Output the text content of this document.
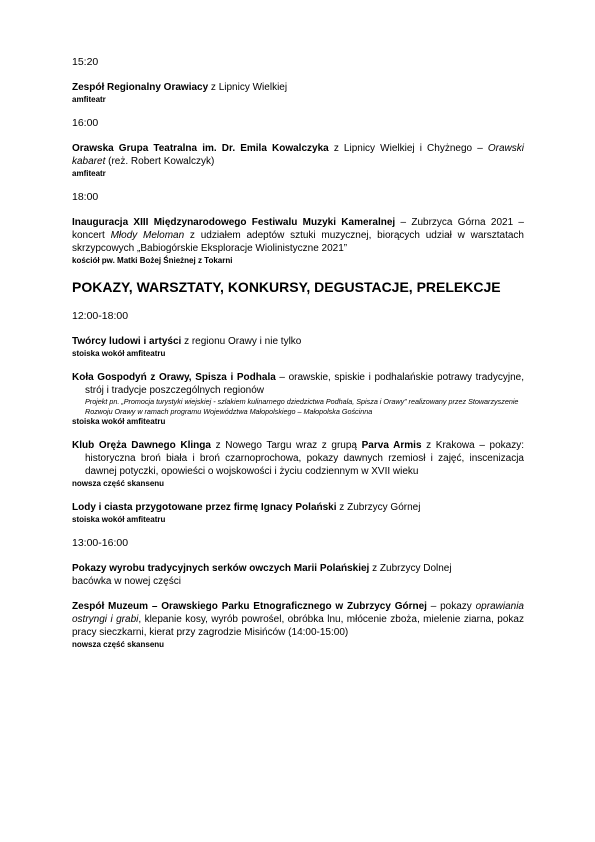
15:20
Zespół Regionalny Orawiacy z Lipnicy Wielkiej
amfiteatr
16:00
Orawska Grupa Teatralna im. Dr. Emila Kowalczyka z Lipnicy Wielkiej i Chyżnego – Orawski kabaret (reż. Robert Kowalczyk)
amfiteatr
18:00
Inauguracja XIII Międzynarodowego Festiwalu Muzyki Kameralnej – Zubrzyca Górna 2021 – koncert Młody Meloman z udziałem adeptów sztuki muzycznej, biorących udział w warsztatach skrzypcowych „Babiogórskie Eksploracje Wiolinistyczne 2021”
kościół pw. Matki Bożej Śnieżnej z Tokarni
POKAZY, WARSZTATY, KONKURSY, DEGUSTACJE, PRELEKCJE
12:00-18:00
Twórcy ludowi i artyści z regionu Orawy i nie tylko
stoiska wokół amfiteatru
Koła Gospodyń z Orawy, Spisza i Podhala – orawskie, spiskie i podhalańskie potrawy tradycyjne, strój i tradycje poszczególnych regionów
Projekt pn. „Promocja turystyki wiejskiej - szlakiem kulinarnego dziedzictwa Podhala, Spisza i Orawy” realizowany przez Stowarzyszenie Rozwoju Orawy w ramach programu Województwa Małopolskiego – Małopolska Gościnna
stoiska wokół amfiteatru
Klub Oręża Dawnego Klinga z Nowego Targu wraz z grupą Parva Armis z Krakowa – pokazy: historyczna broń biała i broń czarnoprochowa, pokazy dawnych rzemiosł i zajęć, inscenizacja dawnej potyczki, opowieści o wojskowości i życiu codziennym w XVII wieku
nowsza część skansenu
Lody i ciasta przygotowane przez firmę Ignacy Polański z Zubrzycy Górnej
stoiska wokół amfiteatru
13:00-16:00
Pokazy wyrobu tradycyjnych serków owczych Marii Polańskiej z Zubrzycy Dolnej
bacówka w nowej części
Zespół Muzeum – Orawskiego Parku Etnograficznego w Zubrzycy Górnej – pokazy oprawiania ostryngi i grabi, klepanie kosy, wyrób powrośel, obróbka lnu, młócenie zboża, mielenie ziarna, pokaz pracy sieczkarni, kierat przy zagrodzie Misińców (14:00-15:00)
nowsza część skansenu
